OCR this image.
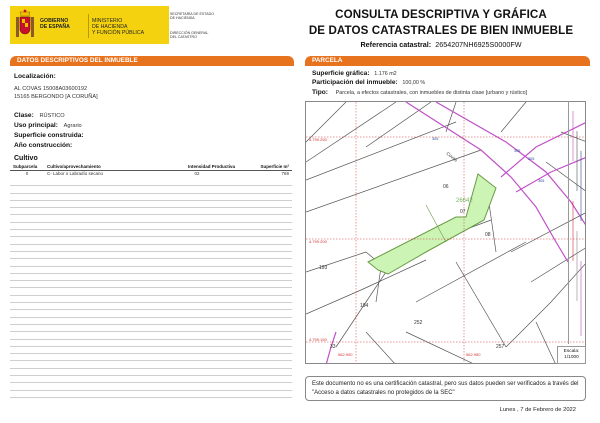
GOBIERNO
DE ESPAÑA
MINISTERIO
DE HACIENDA
Y FUNCIÓN PÚBLICA
SECRETARÍA DE ESTADO
DE HACIENDA
DIRECCIÓN GENERAL
DEL CATASTRO
CONSULTA DESCRIPTIVA Y GRÁFICA
DE DATOS CATASTRALES DE BIEN INMUEBLE
Referencia catastral: 2654207NH6925S0000FW
DATOS DESCRIPTIVOS DEL INMUEBLE	PARCELA
Localización:
AL COVAS 15008A03600192
15165 BERGONDO [A CORUÑA]
Clase: RÚSTICO
Uso principal: Agrario
Superficie construida:
Año construcción:
Cultivo
Subparcela	Cultivo/aprovechamiento	Intensidad Productiva	Superficie m²
0	C- Labor o Labradío secano	02	769
Superficie gráfica: 1.176 m2
Participación del inmueble: 100,00 %
Tipo: Parcela, a efectos catastrales, con inmuebles de distinta clase [urbano y rústico]
06
08
193
194
252
257
33
26642
07
Covas
305
305
305
305
4.799.250
4.799.200
4.799.150
562.900	562.950
Escala:
1/1000
Este documento no es una certificación catastral, pero sus datos pueden ser verificados a través del "Acceso a datos catastrales no protegidos de la SEC"
Lunes , 7 de Febrero de 2022
